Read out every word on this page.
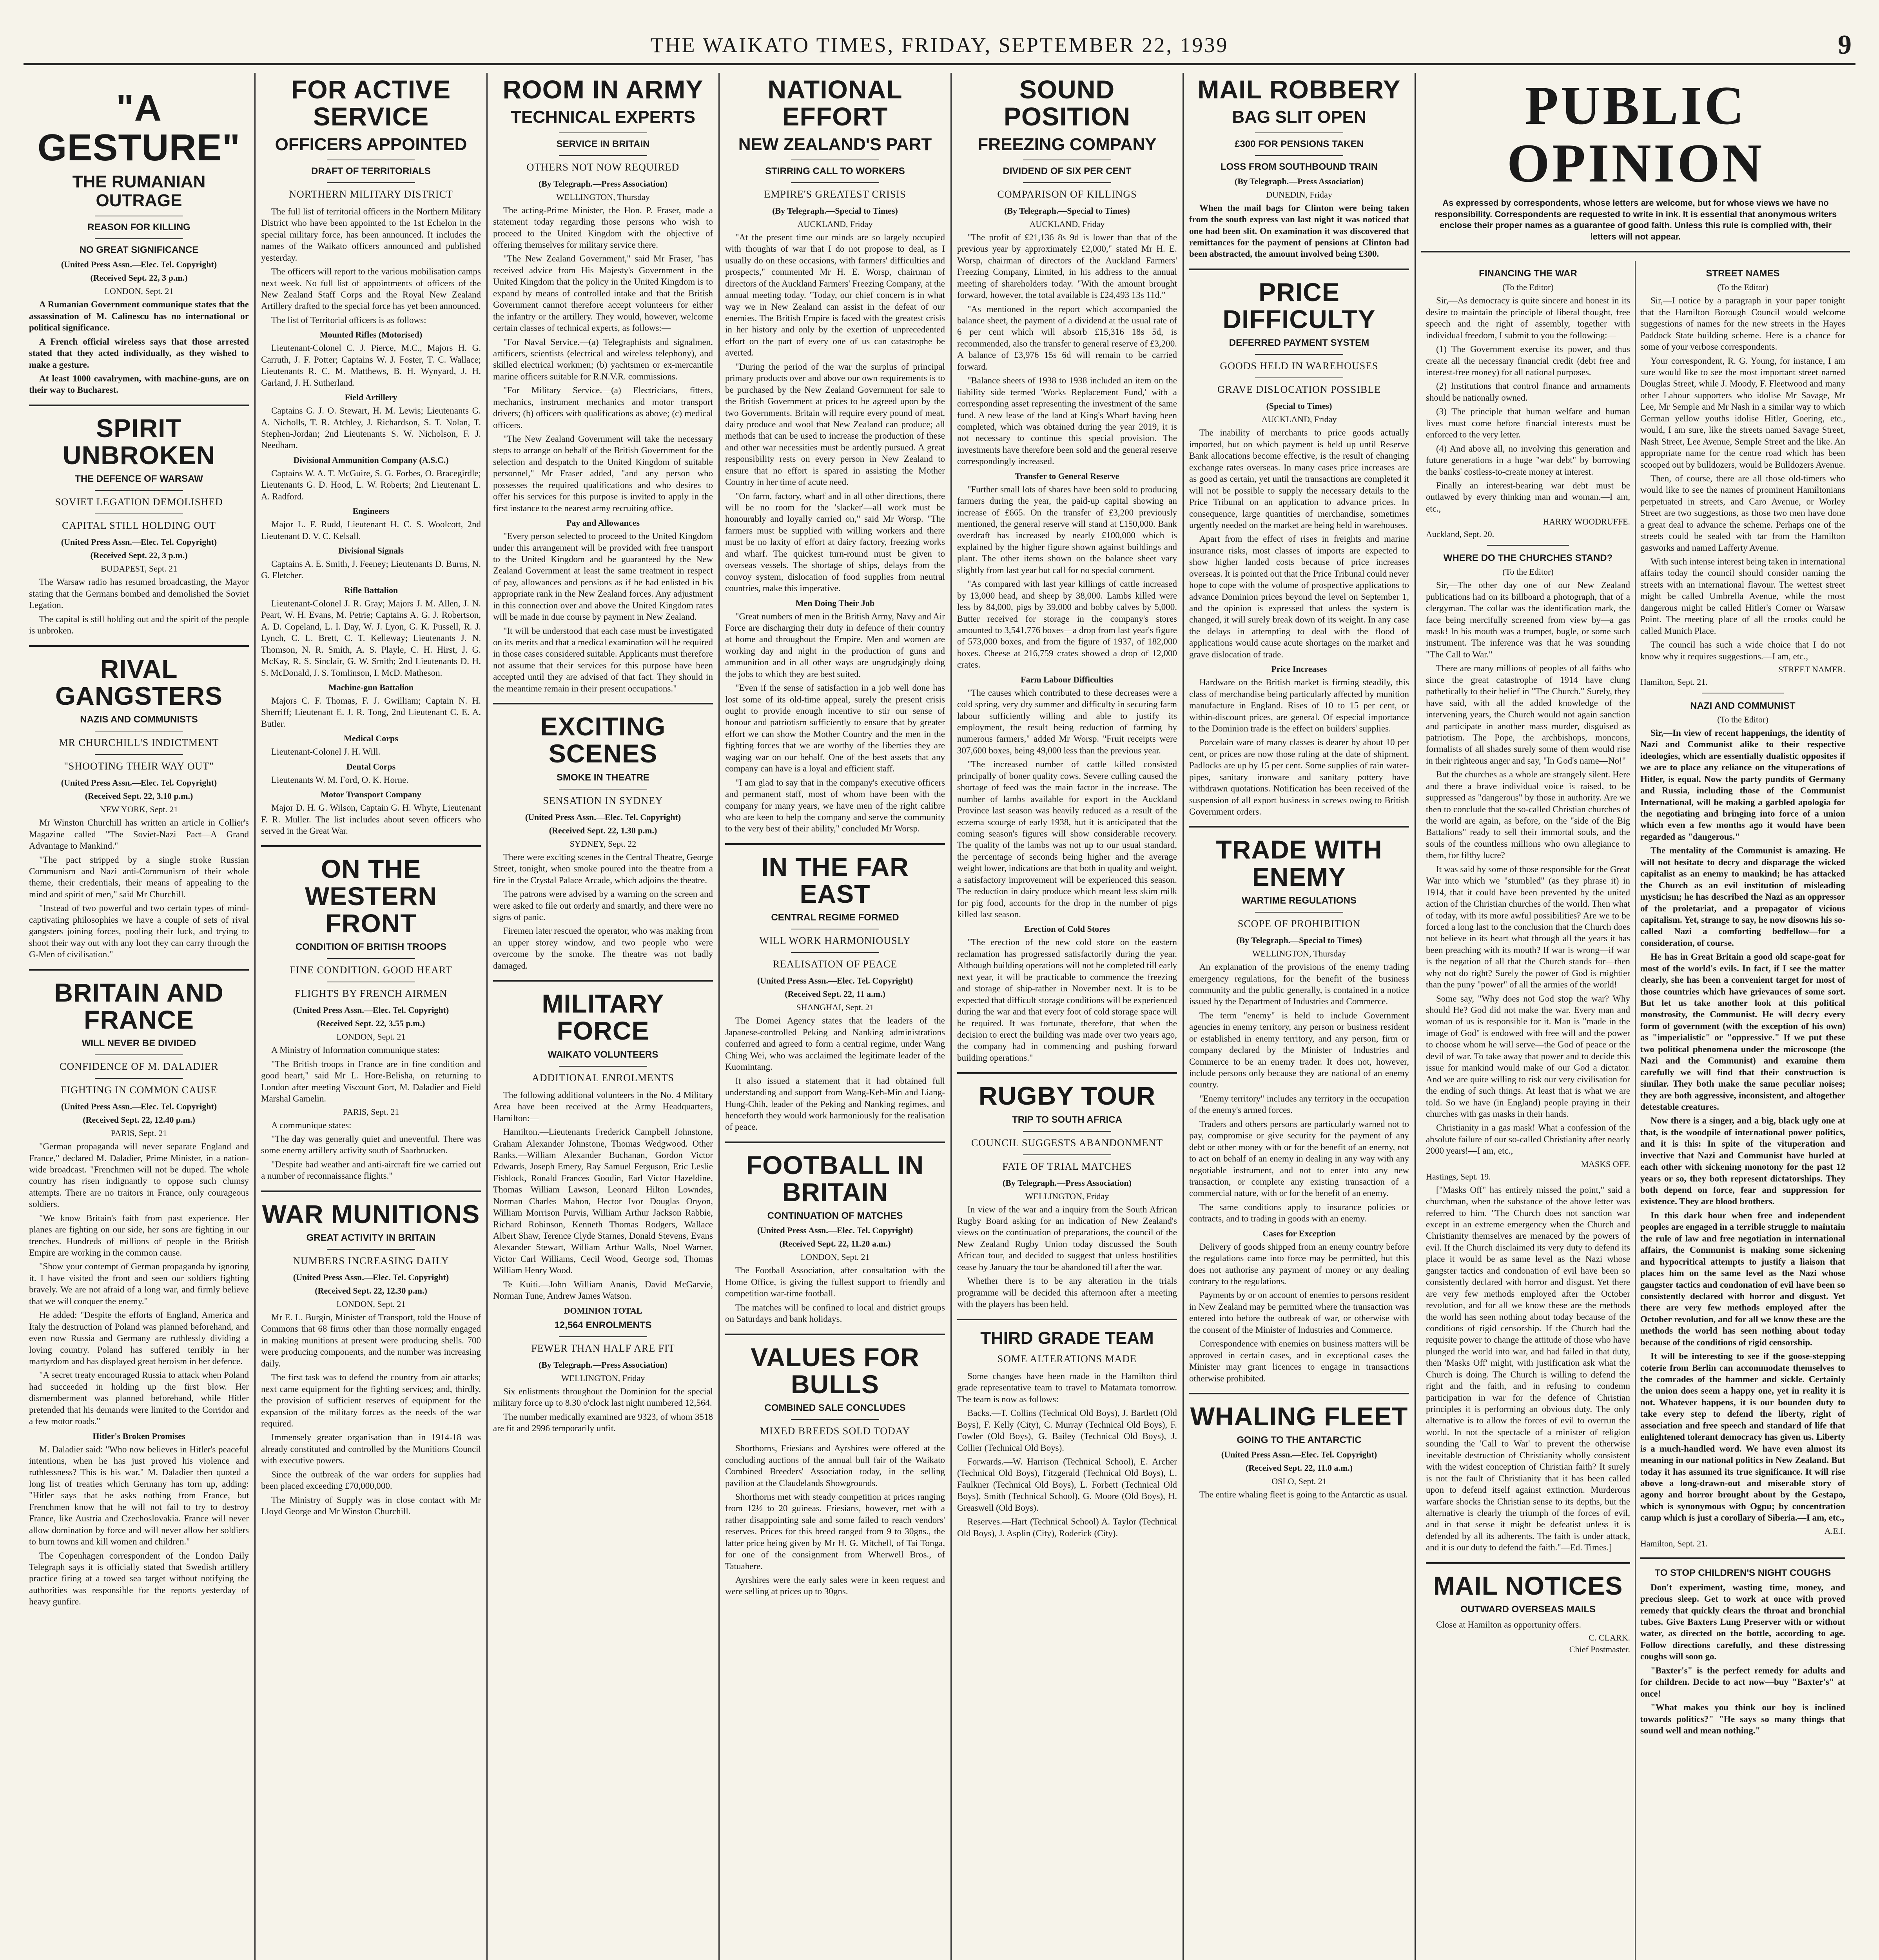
THE WAIKATO TIMES, FRIDAY, SEPTEMBER 22, 1939	9
"A GESTURE"
THE RUMANIAN OUTRAGE
REASON FOR KILLING
NO GREAT SIGNIFICANCE
(United Press Assn.—Elec. Tel. Copyright)
(Received Sept. 22, 3 p.m.)
LONDON, Sept. 21

A Rumanian Government communique states that the assassination of M. Calinescu has no international or political significance.

A French official wireless says that those arrested stated that they acted individually, as they wished to make a gesture.

At least 1000 cavalrymen, with machine-guns, are on their way to Bucharest.

SPIRIT UNBROKEN
THE DEFENCE OF WARSAW
SOVIET LEGATION DEMOLISHED
CAPITAL STILL HOLDING OUT
(United Press Assn.—Elec. Tel. Copyright)
(Received Sept. 22, 3 p.m.)
BUDAPEST, Sept. 21

The Warsaw radio has resumed broadcasting, the Mayor stating that the Germans bombed and demolished the Soviet Legation.

The capital is still holding out and the spirit of the people is unbroken.

RIVAL GANGSTERS
NAZIS AND COMMUNISTS
MR CHURCHILL'S INDICTMENT
"SHOOTING THEIR WAY OUT"
(United Press Assn.—Elec. Tel. Copyright)
(Received Sept. 22, 3.10 p.m.)
NEW YORK, Sept. 21

Mr Winston Churchill has written an article in Collier's Magazine called "The Soviet-Nazi Pact—A Grand Advantage to Mankind."

"The pact stripped by a single stroke Russian Communism and Nazi anti-Communism of their whole theme, their credentials, their means of appealing to the mind and spirit of men," said Mr Churchill.

"Instead of two powerful and two certain types of mind-captivating philosophies we have a couple of sets of rival gangsters joining forces, pooling their luck, and trying to shoot their way out with any loot they can carry through the G-Men of civilisation."

BRITAIN AND FRANCE
WILL NEVER BE DIVIDED
CONFIDENCE OF M. DALADIER
FIGHTING IN COMMON CAUSE
(United Press Assn.—Elec. Tel. Copyright)
(Received Sept. 22, 12.40 p.m.)
PARIS, Sept. 21

"German propaganda will never separate England and France," declared M. Daladier, Prime Minister, in a nation-wide broadcast. "Frenchmen will not be duped. The whole country has risen indignantly to oppose such clumsy attempts. There are no traitors in France, only courageous soldiers.

"We know Britain's faith from past experience. Her planes are fighting on our side, her sons are fighting in our trenches. Hundreds of millions of people in the British Empire are working in the common cause.

"Show your contempt of German propaganda by ignoring it. I have visited the front and seen our soldiers fighting bravely. We are not afraid of a long war, and firmly believe that we will conquer the enemy."

He added: "Despite the efforts of England, America and Italy the destruction of Poland was planned beforehand, and even now Russia and Germany are ruthlessly dividing a loving country. Poland has suffered terribly in her martyrdom and has displayed great heroism in her defence.

"A secret treaty encouraged Russia to attack when Poland had succeeded in holding up the first blow. Her dismemberment was planned beforehand, while Hitler pretended that his demands were limited to the Corridor and a few motor roads."

Hitler's Broken Promises

M. Daladier said: "Who now believes in Hitler's peaceful intentions, when he has just proved his violence and ruthlessness? This is his war." M. Daladier then quoted a long list of treaties which Germany has torn up, adding: "Hitler says that he asks nothing from France, but Frenchmen know that he will not fail to try to destroy France, like Austria and Czechoslovakia. France will never allow domination by force and will never allow her soldiers to burn towns and kill women and children."

The Copenhagen correspondent of the London Daily Telegraph says it is officially stated that Swedish artillery practice firing at a towed sea target without notifying the authorities was responsible for the reports yesterday of heavy gunfire.

FOR ACTIVE SERVICE
OFFICERS APPOINTED
DRAFT OF TERRITORIALS
NORTHERN MILITARY DISTRICT

The full list of territorial officers in the Northern Military District who have been appointed to the 1st Echelon in the special military force, has been announced. It includes the names of the Waikato officers announced and published yesterday.

The officers will report to the various mobilisation camps next week. No full list of appointments of officers of the New Zealand Staff Corps and the Royal New Zealand Artillery drafted to the special force has yet been announced.

The list of Territorial officers is as follows:

Mounted Rifles (Motorised)

Lieutenant-Colonel C. J. Pierce, M.C., Majors H. G. Carruth, J. F. Potter; Captains W. J. Foster, T. C. Wallace; Lieutenants R. C. M. Matthews, B. H. Wynyard, J. H. Garland, J. H. Sutherland.

Field Artillery

Captains G. J. O. Stewart, H. M. Lewis; Lieutenants G. A. Nicholls, T. R. Atchley, J. Richardson, S. T. Nolan, T. Stephen-Jordan; 2nd Lieutenants S. W. Nicholson, F. J. Needham.

Divisional Ammunition Company (A.S.C.)

Captains W. A. T. McGuire, S. G. Forbes, O. Bracegirdle; Lieutenants G. D. Hood, L. W. Roberts; 2nd Lieutenant L. A. Radford.

Engineers

Major L. F. Rudd, Lieutenant H. C. S. Woolcott, 2nd Lieutenant D. V. C. Kelsall.

Divisional Signals

Captains A. E. Smith, J. Feeney; Lieutenants D. Burns, N. G. Fletcher.

Rifle Battalion

Lieutenant-Colonel J. R. Gray; Majors J. M. Allen, J. N. Peart, W. H. Evans, M. Petrie; Captains A. G. J. Robertson, A. D. Copeland, L. I. Day, W. J. Lyon, G. K. Pussell, R. J. Lynch, C. L. Brett, C. T. Kelleway; Lieutenants J. N. Thomson, N. R. Smith, A. S. Playle, C. H. Hirst, J. G. McKay, R. S. Sinclair, G. W. Smith; 2nd Lieutenants D. H. S. McDonald, J. S. Tomlinson, I. McD. Matheson.

Machine-gun Battalion

Majors C. F. Thomas, F. J. Gwilliam; Captain N. H. Sherriff; Lieutenant E. J. R. Tong, 2nd Lieutenant C. E. A. Butler.

Medical Corps

Lieutenant-Colonel J. H. Will.

Dental Corps

Lieutenants W. M. Ford, O. K. Horne.

Motor Transport Company

Major D. H. G. Wilson, Captain G. H. Whyte, Lieutenant F. R. Muller. The list includes about seven officers who served in the Great War.

ON THE WESTERN FRONT
CONDITION OF BRITISH TROOPS
FINE CONDITION. GOOD HEART
FLIGHTS BY FRENCH AIRMEN
(United Press Assn.—Elec. Tel. Copyright)
(Received Sept. 22, 3.55 p.m.)
LONDON, Sept. 21

A Ministry of Information communique states:

"The British troops in France are in fine condition and good heart," said Mr L. Hore-Belisha, on returning to London after meeting Viscount Gort, M. Daladier and Field Marshal Gamelin.

PARIS, Sept. 21

A communique states:

"The day was generally quiet and uneventful. There was some enemy artillery activity south of Saarbrucken.

"Despite bad weather and anti-aircraft fire we carried out a number of reconnaissance flights."

WAR MUNITIONS
GREAT ACTIVITY IN BRITAIN
NUMBERS INCREASING DAILY
(United Press Assn.—Elec. Tel. Copyright)
(Received Sept. 22, 12.30 p.m.)
LONDON, Sept. 21

Mr E. L. Burgin, Minister of Transport, told the House of Commons that 68 firms other than those normally engaged in making munitions at present were producing shells. 700 were producing components, and the number was increasing daily.

The first task was to defend the country from air attacks; next came equipment for the fighting services; and, thirdly, the provision of sufficient reserves of equipment for the expansion of the military forces as the needs of the war required.

Immensely greater organisation than in 1914-18 was already constituted and controlled by the Munitions Council with executive powers.

Since the outbreak of the war orders for supplies had been placed exceeding £70,000,000.

The Ministry of Supply was in close contact with Mr Lloyd George and Mr Winston Churchill.

ROOM IN ARMY
TECHNICAL EXPERTS
SERVICE IN BRITAIN
OTHERS NOT NOW REQUIRED
(By Telegraph.—Press Association)
WELLINGTON, Thursday

The acting-Prime Minister, the Hon. P. Fraser, made a statement today regarding those persons who wish to proceed to the United Kingdom with the objective of offering themselves for military service there.

"The New Zealand Government," said Mr Fraser, "has received advice from His Majesty's Government in the United Kingdom that the policy in the United Kingdom is to expand by means of controlled intake and that the British Government cannot therefore accept volunteers for either the infantry or the artillery. They would, however, welcome certain classes of technical experts, as follows:—

"For Naval Service.—(a) Telegraphists and signalmen, artificers, scientists (electrical and wireless telephony), and skilled electrical workmen; (b) yachtsmen or ex-mercantile marine officers suitable for R.N.V.R. commissions.

"For Military Service.—(a) Electricians, fitters, mechanics, instrument mechanics and motor transport drivers; (b) officers with qualifications as above; (c) medical officers.

"The New Zealand Government will take the necessary steps to arrange on behalf of the British Government for the selection and despatch to the United Kingdom of suitable personnel," Mr Fraser added, "and any person who possesses the required qualifications and who desires to offer his services for this purpose is invited to apply in the first instance to the nearest army recruiting office.

Pay and Allowances

"Every person selected to proceed to the United Kingdom under this arrangement will be provided with free transport to the United Kingdom and be guaranteed by the New Zealand Government at least the same treatment in respect of pay, allowances and pensions as if he had enlisted in his appropriate rank in the New Zealand forces. Any adjustment in this connection over and above the United Kingdom rates will be made in due course by payment in New Zealand.

"It will be understood that each case must be investigated on its merits and that a medical examination will be required in those cases considered suitable. Applicants must therefore not assume that their services for this purpose have been accepted until they are advised of that fact. They should in the meantime remain in their present occupations."

EXCITING SCENES
SMOKE IN THEATRE
SENSATION IN SYDNEY
(United Press Assn.—Elec. Tel. Copyright)
(Received Sept. 22, 1.30 p.m.)
SYDNEY, Sept. 22

There were exciting scenes in the Central Theatre, George Street, tonight, when smoke poured into the theatre from a fire in the Crystal Palace Arcade, which adjoins the theatre.

The patrons were advised by a warning on the screen and were asked to file out orderly and smartly, and there were no signs of panic.

Firemen later rescued the operator, who was making from an upper storey window, and two people who were overcome by the smoke. The theatre was not badly damaged.

MILITARY FORCE
WAIKATO VOLUNTEERS
ADDITIONAL ENROLMENTS

The following additional volunteers in the No. 4 Military Area have been received at the Army Headquarters, Hamilton:—

Hamilton.—Lieutenants Frederick Campbell Johnstone, Graham Alexander Johnstone, Thomas Wedgwood. Other Ranks.—William Alexander Buchanan, Gordon Victor Edwards, Joseph Emery, Ray Samuel Ferguson, Eric Leslie Fishlock, Ronald Frances Goodin, Earl Victor Hazeldine, Thomas William Lawson, Leonard Hilton Lowndes, Norman Charles Mahon, Hector Ivor Douglas Onyon, William Morrison Purvis, William Arthur Jackson Rabbie, Richard Robinson, Kenneth Thomas Rodgers, Wallace Albert Shaw, Terence Clyde Starnes, Donald Stevens, Evans Alexander Stewart, William Arthur Walls, Noel Warner, Victor Carl Williams, Cecil Wood, George sod, Thomas William Henry Wood.

Te Kuiti.—John William Ananis, David McGarvie, Norman Tune, Andrew James Watson.

DOMINION TOTAL
12,564 ENROLMENTS
FEWER THAN HALF ARE FIT
(By Telegraph.—Press Association)
WELLINGTON, Friday

Six enlistments throughout the Dominion for the special military force up to 8.30 o'clock last night numbered 12,564.

The number medically examined are 9323, of whom 3518 are fit and 2996 temporarily unfit.

NATIONAL EFFORT
NEW ZEALAND'S PART
STIRRING CALL TO WORKERS
EMPIRE'S GREATEST CRISIS
(By Telegraph.—Special to Times)
AUCKLAND, Friday

"At the present time our minds are so largely occupied with thoughts of war that I do not propose to deal, as I usually do on these occasions, with farmers' difficulties and prospects," commented Mr H. E. Worsp, chairman of directors of the Auckland Farmers' Freezing Company, at the annual meeting today. "Today, our chief concern is in what way we in New Zealand can assist in the defeat of our enemies. The British Empire is faced with the greatest crisis in her history and only by the exertion of unprecedented effort on the part of every one of us can catastrophe be averted.

"During the period of the war the surplus of principal primary products over and above our own requirements is to be purchased by the New Zealand Government for sale to the British Government at prices to be agreed upon by the two Governments. Britain will require every pound of meat, dairy produce and wool that New Zealand can produce; all methods that can be used to increase the production of these and other war necessities must be ardently pursued. A great responsibility rests on every person in New Zealand to ensure that no effort is spared in assisting the Mother Country in her time of acute need.

"On farm, factory, wharf and in all other directions, there will be no room for the 'slacker'—all work must be honourably and loyally carried on," said Mr Worsp. "The farmers must be supplied with willing workers and there must be no laxity of effort at dairy factory, freezing works and wharf. The quickest turn-round must be given to overseas vessels. The shortage of ships, delays from the convoy system, dislocation of food supplies from neutral countries, make this imperative.

Men Doing Their Job

"Great numbers of men in the British Army, Navy and Air Force are discharging their duty in defence of their country at home and throughout the Empire. Men and women are working day and night in the production of guns and ammunition and in all other ways are ungrudgingly doing the jobs to which they are best suited.

"Even if the sense of satisfaction in a job well done has lost some of its old-time appeal, surely the present crisis ought to provide enough incentive to stir our sense of honour and patriotism sufficiently to ensure that by greater effort we can show the Mother Country and the men in the fighting forces that we are worthy of the liberties they are waging war on our behalf. One of the best assets that any company can have is a loyal and efficient staff.

"I am glad to say that in the company's executive officers and permanent staff, most of whom have been with the company for many years, we have men of the right calibre who are keen to help the company and serve the community to the very best of their ability," concluded Mr Worsp.

IN THE FAR EAST
CENTRAL REGIME FORMED
WILL WORK HARMONIOUSLY
REALISATION OF PEACE
(United Press Assn.—Elec. Tel. Copyright)
(Received Sept. 22, 11 a.m.)
SHANGHAI, Sept. 21

The Domei Agency states that the leaders of the Japanese-controlled Peking and Nanking administrations conferred and agreed to form a central regime, under Wang Ching Wei, who was acclaimed the legitimate leader of the Kuomintang.

It also issued a statement that it had obtained full understanding and support from Wang-Keh-Min and Liang-Hung-Chih, leader of the Peking and Nanking regimes, and henceforth they would work harmoniously for the realisation of peace.

FOOTBALL IN BRITAIN
CONTINUATION OF MATCHES
(United Press Assn.—Elec. Tel. Copyright)
(Received Sept. 22, 11.20 a.m.)
LONDON, Sept. 21

The Football Association, after consultation with the Home Office, is giving the fullest support to friendly and competition war-time football.

The matches will be confined to local and district groups on Saturdays and bank holidays.

VALUES FOR BULLS
COMBINED SALE CONCLUDES
MIXED BREEDS SOLD TODAY

Shorthorns, Friesians and Ayrshires were offered at the concluding auctions of the annual bull fair of the Waikato Combined Breeders' Association today, in the selling pavilion at the Claudelands Showgrounds.

Shorthorns met with steady competition at prices ranging from 12½ to 20 guineas. Friesians, however, met with a rather disappointing sale and some failed to reach vendors' reserves. Prices for this breed ranged from 9 to 30gns., the latter price being given by Mr H. G. Mitchell, of Tai Tonga, for one of the consignment from Wherwell Bros., of Tatuahere.

Ayrshires were the early sales were in keen request and were selling at prices up to 30gns.

SOUND POSITION
FREEZING COMPANY
DIVIDEND OF SIX PER CENT
COMPARISON OF KILLINGS
(By Telegraph.—Special to Times)
AUCKLAND, Friday

"The profit of £21,136 8s 9d is lower than that of the previous year by approximately £2,000," stated Mr H. E. Worsp, chairman of directors of the Auckland Farmers' Freezing Company, Limited, in his address to the annual meeting of shareholders today. "With the amount brought forward, however, the total available is £24,493 13s 11d."

"As mentioned in the report which accompanied the balance sheet, the payment of a dividend at the usual rate of 6 per cent which will absorb £15,316 18s 5d, is recommended, also the transfer to general reserve of £3,200. A balance of £3,976 15s 6d will remain to be carried forward.

"Balance sheets of 1938 to 1938 included an item on the liability side termed 'Works Replacement Fund,' with a corresponding asset representing the investment of the same fund. A new lease of the land at King's Wharf having been completed, which was obtained during the year 2019, it is not necessary to continue this special provision. The investments have therefore been sold and the general reserve correspondingly increased.

Transfer to General Reserve

"Further small lots of shares have been sold to producing farmers during the year, the paid-up capital showing an increase of £665. On the transfer of £3,200 previously mentioned, the general reserve will stand at £150,000. Bank overdraft has increased by nearly £100,000 which is explained by the higher figure shown against buildings and plant. The other items shown on the balance sheet vary slightly from last year but call for no special comment.

"As compared with last year killings of cattle increased by 13,000 head, and sheep by 38,000. Lambs killed were less by 84,000, pigs by 39,000 and bobby calves by 5,000. Butter received for storage in the company's stores amounted to 3,541,776 boxes—a drop from last year's figure of 573,000 boxes, and from the figure of 1937, of 182,000 boxes. Cheese at 216,759 crates showed a drop of 12,000 crates.

Farm Labour Difficulties

"The causes which contributed to these decreases were a cold spring, very dry summer and difficulty in securing farm labour sufficiently willing and able to justify its employment, the result being reduction of farming by numerous farmers," added Mr Worsp. "Fruit receipts were 307,600 boxes, being 49,000 less than the previous year.

"The increased number of cattle killed consisted principally of boner quality cows. Severe culling caused the shortage of feed was the main factor in the increase. The number of lambs available for export in the Auckland Province last season was heavily reduced as a result of the eczema scourge of early 1938, but it is anticipated that the coming season's figures will show considerable recovery. The quality of the lambs was not up to our usual standard, the percentage of seconds being higher and the average weight lower, indications are that both in quality and weight, a satisfactory improvement will be experienced this season. The reduction in dairy produce which meant less skim milk for pig food, accounts for the drop in the number of pigs killed last season.

Erection of Cold Stores

"The erection of the new cold store on the eastern reclamation has progressed satisfactorily during the year. Although building operations will not be completed till early next year, it will be practicable to commence the freezing and storage of ship-rather in November next. It is to be expected that difficult storage conditions will be experienced during the war and that every foot of cold storage space will be required. It was fortunate, therefore, that when the decision to erect the building was made over two years ago, the company had in commencing and pushing forward building operations."

RUGBY TOUR
TRIP TO SOUTH AFRICA
COUNCIL SUGGESTS ABANDONMENT
FATE OF TRIAL MATCHES
(By Telegraph.—Press Association)
WELLINGTON, Friday

In view of the war and a inquiry from the South African Rugby Board asking for an indication of New Zealand's views on the continuation of preparations, the council of the New Zealand Rugby Union today discussed the South African tour, and decided to suggest that unless hostilities cease by January the tour be abandoned till after the war.

Whether there is to be any alteration in the trials programme will be decided this afternoon after a meeting with the players has been held.

THIRD GRADE TEAM
SOME ALTERATIONS MADE

Some changes have been made in the Hamilton third grade representative team to travel to Matamata tomorrow. The team is now as follows:

Backs.—T. Collins (Technical Old Boys), J. Bartlett (Old Boys), F. Kelly (City), C. Murray (Technical Old Boys), F. Fowler (Old Boys), G. Bailey (Technical Old Boys), J. Collier (Technical Old Boys).

Forwards.—W. Harrison (Technical School), E. Archer (Technical Old Boys), Fitzgerald (Technical Old Boys), L. Faulkner (Technical Old Boys), L. Forbett (Technical Old Boys), Smith (Technical School), G. Moore (Old Boys), H. Greaswell (Old Boys).

Reserves.—Hart (Technical School) A. Taylor (Technical Old Boys), J. Asplin (City), Roderick (City).

MAIL ROBBERY
BAG SLIT OPEN
£300 FOR PENSIONS TAKEN
LOSS FROM SOUTHBOUND TRAIN
(By Telegraph.—Press Association)
DUNEDIN, Friday

When the mail bags for Clinton were being taken from the south express van last night it was noticed that one had been slit. On examination it was discovered that remittances for the payment of pensions at Clinton had been abstracted, the amount involved being £300.

PRICE DIFFICULTY
DEFERRED PAYMENT SYSTEM
GOODS HELD IN WAREHOUSES
GRAVE DISLOCATION POSSIBLE
(Special to Times)
AUCKLAND, Friday

The inability of merchants to price goods actually imported, but on which payment is held up until Reserve Bank allocations become effective, is the result of changing exchange rates overseas. In many cases price increases are as good as certain, yet until the transactions are completed it will not be possible to supply the necessary details to the Price Tribunal on an application to advance prices. In consequence, large quantities of merchandise, sometimes urgently needed on the market are being held in warehouses.

Apart from the effect of rises in freights and marine insurance risks, most classes of imports are expected to show higher landed costs because of price increases overseas. It is pointed out that the Price Tribunal could never hope to cope with the volume of prospective applications to advance Dominion prices beyond the level on September 1, and the opinion is expressed that unless the system is changed, it will surely break down of its weight. In any case the delays in attempting to deal with the flood of applications would cause acute shortages on the market and grave dislocation of trade.

Price Increases

Hardware on the British market is firming steadily, this class of merchandise being particularly affected by munition manufacture in England. Rises of 10 to 15 per cent, or within-discount prices, are general. Of especial importance to the Dominion trade is the effect on builders' supplies.

Porcelain ware of many classes is dearer by about 10 per cent, or prices are now those ruling at the date of shipment. Padlocks are up by 15 per cent. Some supplies of rain water-pipes, sanitary ironware and sanitary pottery have withdrawn quotations. Notification has been received of the suspension of all export business in screws owing to British Government orders.

TRADE WITH ENEMY
WARTIME REGULATIONS
SCOPE OF PROHIBITION
(By Telegraph.—Special to Times)
WELLINGTON, Thursday

An explanation of the provisions of the enemy trading emergency regulations, for the benefit of the business community and the public generally, is contained in a notice issued by the Department of Industries and Commerce.

The term "enemy" is held to include Government agencies in enemy territory, any person or business resident or established in enemy territory, and any person, firm or company declared by the Minister of Industries and Commerce to be an enemy trader. It does not, however, include persons only because they are national of an enemy country.

"Enemy territory" includes any territory in the occupation of the enemy's armed forces.

Traders and others persons are particularly warned not to pay, compromise or give security for the payment of any debt or other money with or for the benefit of an enemy, not to act on behalf of an enemy in dealing in any way with any negotiable instrument, and not to enter into any new transaction, or complete any existing transaction of a commercial nature, with or for the benefit of an enemy.

The same conditions apply to insurance policies or contracts, and to trading in goods with an enemy.

Cases for Exception

Delivery of goods shipped from an enemy country before the regulations came into force may be permitted, but this does not authorise any payment of money or any dealing contrary to the regulations.

Payments by or on account of enemies to persons resident in New Zealand may be permitted where the transaction was entered into before the outbreak of war, or otherwise with the consent of the Minister of Industries and Commerce.

Correspondence with enemies on business matters will be approved in certain cases, and in exceptional cases the Minister may grant licences to engage in transactions otherwise prohibited.

WHALING FLEET
GOING TO THE ANTARCTIC
(United Press Assn.—Elec. Tel. Copyright)
(Received Sept. 22, 11.0 a.m.)
OSLO, Sept. 21

The entire whaling fleet is going to the Antarctic as usual.

PUBLIC OPINION
As expressed by correspondents, whose letters are welcome, but for whose views we have no responsibility. Correspondents are requested to write in ink. It is essential that anonymous writers enclose their proper names as a guarantee of good faith. Unless this rule is complied with, their letters will not appear.
FINANCING THE WAR
(To the Editor)

Sir,—As democracy is quite sincere and honest in its desire to maintain the principle of liberal thought, free speech and the right of assembly, together with individual freedom, I submit to you the following:—

(1) The Government exercise its power, and thus create all the necessary financial credit (debt free and interest-free money) for all national purposes.

(2) Institutions that control finance and armaments should be nationally owned.

(3) The principle that human welfare and human lives must come before financial interests must be enforced to the very letter.

(4) And above all, no involving this generation and future generations in a huge "war debt" by borrowing the banks' costless-to-create money at interest.

Finally an interest-bearing war debt must be outlawed by every thinking man and woman.—I am, etc.,

HARRY WOODRUFFE.
Auckland, Sept. 20.
WHERE DO THE CHURCHES STAND?
(To the Editor)

Sir,—The other day one of our New Zealand publications had on its billboard a photograph, that of a clergyman. The collar was the identification mark, the face being mercifully screened from view by—a gas mask! In his mouth was a trumpet, bugle, or some such instrument. The inference was that he was sounding "The Call to War."

There are many millions of peoples of all faiths who since the great catastrophe of 1914 have clung pathetically to their belief in "The Church." Surely, they have said, with all the added knowledge of the intervening years, the Church would not again sanction and participate in another mass murder, disguised as patriotism. The Pope, the archbishops, moncons, formalists of all shades surely some of them would rise in their righteous anger and say, "In God's name—No!"

But the churches as a whole are strangely silent. Here and there a brave individual voice is raised, to be suppressed as "dangerous" by those in authority. Are we then to conclude that the so-called Christian churches of the world are again, as before, on the "side of the Big Battalions" ready to sell their immortal souls, and the souls of the countless millions who own allegiance to them, for filthy lucre?

It was said by some of those responsible for the Great War into which we "stumbled" (as they phrase it) in 1914, that it could have been prevented by the united action of the Christian churches of the world. Then what of today, with its more awful possibilities? Are we to be forced a long last to the conclusion that the Church does not believe in its heart what through all the years it has been preaching with its mouth? If war is wrong—if war is the negation of all that the Church stands for—then why not do right? Surely the power of God is mightier than the puny "power" of all the armies of the world!

Some say, "Why does not God stop the war? Why should He? God did not make the war. Every man and woman of us is responsible for it. Man is "made in the image of God" is endowed with free will and the power to choose whom he will serve—the God of peace or the devil of war. To take away that power and to decide this issue for mankind would make of our God a dictator. And we are quite willing to risk our very civilisation for the ending of such things. At least that is what we are told. So we have (in England) people praying in their churches with gas masks in their hands.

Christianity in a gas mask! What a confession of the absolute failure of our so-called Christianity after nearly 2000 years!—I am, etc.,

MASKS OFF.
Hastings, Sept. 19.

["Masks Off" has entirely missed the point," said a churchman, when the substance of the above letter was referred to him. "The Church does not sanction war except in an extreme emergency when the Church and Christianity themselves are menaced by the powers of evil. If the Church disclaimed its very duty to defend its place it would be as same level as the Nazi whose gangster tactics and condonation of evil have been so consistently declared with horror and disgust. Yet there are very few methods employed after the October revolution, and for all we know these are the methods the world has seen nothing about today because of the conditions of rigid censorship. If the Church had the requisite power to change the attitude of those who have plunged the world into war, and had failed in that duty, then 'Masks Off' might, with justification ask what the Church is doing. The Church is willing to defend the right and the faith, and in refusing to condemn participation in war for the defence of Christian principles it is performing an obvious duty. The only alternative is to allow the forces of evil to overrun the world. In not the spectacle of a minister of religion sounding the 'Call to War' to prevent the otherwise inevitable destruction of Christianity wholly consistent with the widest conception of Christian faith? It surely is not the fault of Christianity that it has been called upon to defend itself against extinction. Murderous warfare shocks the Christian sense to its depths, but the alternative is clearly the triumph of the forces of evil, and in that sense it might be defeatist unless it is defended by all its adherents. The faith is under attack, and it is our duty to defend the faith."—Ed. Times.]

MAIL NOTICES
OUTWARD OVERSEAS MAILS

Close at Hamilton as opportunity offers.

C. CLARK.
Chief Postmaster.
STREET NAMES
(To the Editor)

Sir,—I notice by a paragraph in your paper tonight that the Hamilton Borough Council would welcome suggestions of names for the new streets in the Hayes Paddock State building scheme. Here is a chance for some of your verbose correspondents.

Your correspondent, R. G. Young, for instance, I am sure would like to see the most important street named Douglas Street, while J. Moody, F. Fleetwood and many other Labour supporters who idolise Mr Savage, Mr Lee, Mr Semple and Mr Nash in a similar way to which German yellow youths idolise Hitler, Goering, etc., would, I am sure, like the streets named Savage Street, Nash Street, Lee Avenue, Semple Street and the like. An appropriate name for the centre road which has been scooped out by bulldozers, would be Bulldozers Avenue.

Then, of course, there are all those old-timers who would like to see the names of prominent Hamiltonians perpetuated in streets, and Caro Avenue, or Worley Street are two suggestions, as those two men have done a great deal to advance the scheme. Perhaps one of the streets could be sealed with tar from the Hamilton gasworks and named Lafferty Avenue.

With such intense interest being taken in international affairs today the council should consider naming the streets with an international flavour. The wettest street might be called Umbrella Avenue, while the most dangerous might be called Hitler's Corner or Warsaw Point. The meeting place of all the crooks could be called Munich Place.

The council has such a wide choice that I do not know why it requires suggestions.—I am, etc.,

STREET NAMER.
Hamilton, Sept. 21.
NAZI AND COMMUNIST
(To the Editor)

Sir,—In view of recent happenings, the identity of Nazi and Communist alike to their respective ideologies, which are essentially dualistic opposites if we are to place any reliance on the vituperations of Hitler, is equal. Now the party pundits of Germany and Russia, including those of the Communist International, will be making a garbled apologia for the negotiating and bringing into force of a union which even a few months ago it would have been regarded as "dangerous."

The mentality of the Communist is amazing. He will not hesitate to decry and disparage the wicked capitalist as an enemy to mankind; he has attacked the Church as an evil institution of misleading mysticism; he has described the Nazi as an oppressor of the proletariat, and a propagator of vicious capitalism. Yet, strange to say, he now disowns his so-called Nazi a comforting bedfellow—for a consideration, of course.

He has in Great Britain a good old scape-goat for most of the world's evils. In fact, if I see the matter clearly, she has been a convenient target for most of those countries which have grievances of some sort. But let us take another look at this political monstrosity, the Communist. He will decry every form of government (with the exception of his own) as "imperialistic" or "oppressive." If we put these two political phenomena under the microscope (the Nazi and the Communist) and examine them carefully we will find that their construction is similar. They both make the same peculiar noises; they are both aggressive, inconsistent, and altogether detestable creatures.

Now there is a singer, and a big, black ugly one at that, is the woodpile of international power politics, and it is this: In spite of the vituperation and invective that Nazi and Communist have hurled at each other with sickening monotony for the past 12 years or so, they both represent dictatorships. They both depend on force, fear and suppression for existence. They are blood brothers.

In this dark hour when free and independent peoples are engaged in a terrible struggle to maintain the rule of law and free negotiation in international affairs, the Communist is making some sickening and hypocritical attempts to justify a liaison that places him on the same level as the Nazi whose gangster tactics and condonation of evil have been so consistently declared with horror and disgust. Yet there are very few methods employed after the October revolution, and for all we know these are the methods the world has seen nothing about today because of the conditions of rigid censorship.

It will be interesting to see if the goose-stepping coterie from Berlin can accommodate themselves to the comrades of the hammer and sickle. Certainly the union does seem a happy one, yet in reality it is not. Whatever happens, it is our bounden duty to take every step to defend the liberty, right of association and free speech and standard of life that enlightened tolerant democracy has given us. Liberty is a much-handled word. We have even almost its meaning in our national politics in New Zealand. But today it has assumed its true significance. It will rise above a long-drawn-out and miserable story of agony and horror brought about by the Gestapo, which is synonymous with Ogpu; by concentration camp which is just a corollary of Siberia.—I am, etc.,

A.E.I.
Hamilton, Sept. 21.
TO STOP CHILDREN'S NIGHT COUGHS

Don't experiment, wasting time, money, and precious sleep. Get to work at once with proved remedy that quickly clears the throat and bronchial tubes. Give Baxters Lung Preserver with or without water, as directed on the bottle, according to age. Follow directions carefully, and these distressing coughs will soon go.

"Baxter's" is the perfect remedy for adults and for children. Decide to act now—buy "Baxter's" at once!

"What makes you think our boy is inclined towards politics?" "He says so many things that sound well and mean nothing."
